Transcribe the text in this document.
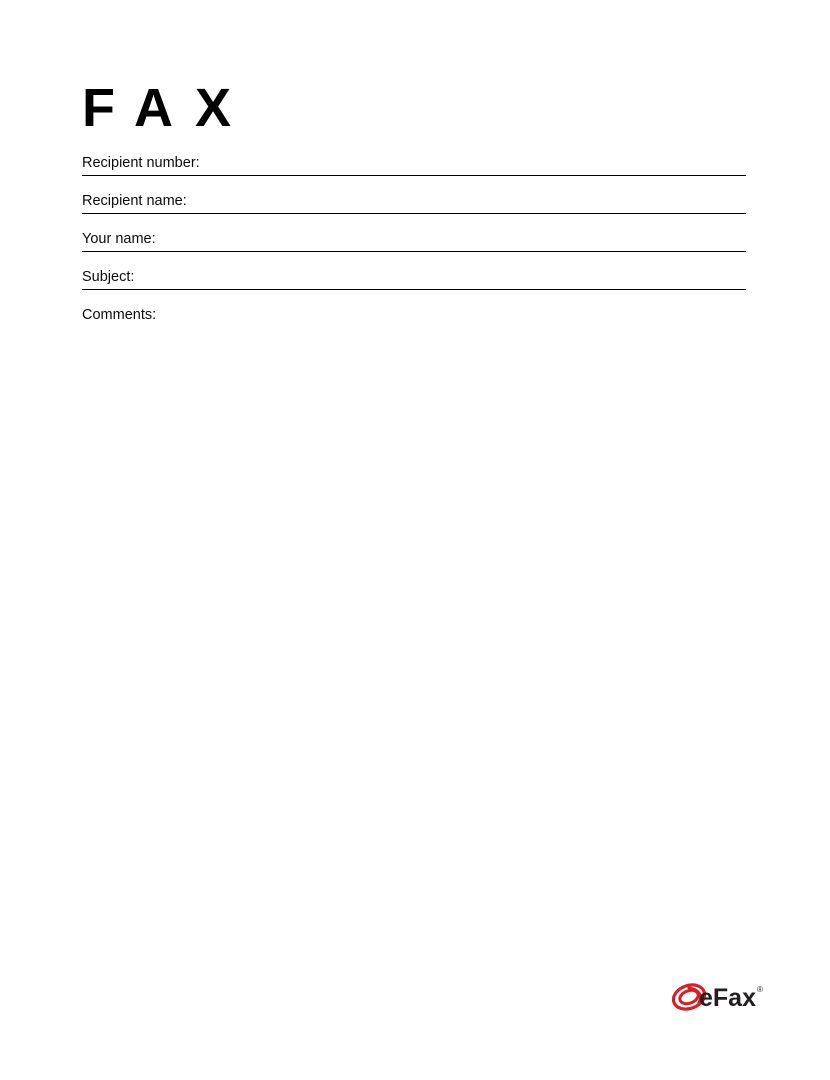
FAX
Recipient number:
Recipient name:
Your name:
Subject:
Comments:
eFax ®
